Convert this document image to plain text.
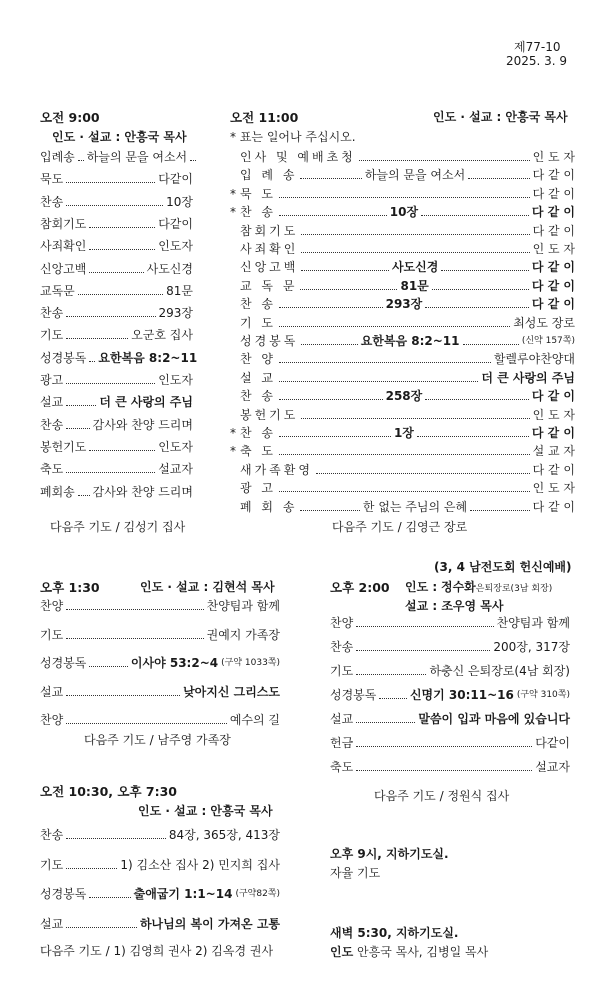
제77-10
2025. 3. 9
오전 9:00
인도 · 설교 : 안흥국 목사
입례송 하늘의 문을 여소서
묵도	다같이
찬송	10장
참회기도	다같이
사죄확인	인도자
신앙고백	사도신경
교독문	81문
찬송	293장
기도	오군호 집사
성경봉독 요한복음 8:2~11
광고	인도자
설교	더 큰 사랑의 주님
찬송 감사와 찬양 드리며
봉헌기도	인도자
축도	설교자
폐회송 감사와 찬양 드리며
다음주 기도 / 김성기 집사
오전 11:00	인도 · 설교 : 안흥국 목사
* 표는 일어나 주십시오.
인사 및 예배초청	인 도 자
입 례 송	하늘의 문을 여소서	다 같 이
* 묵 도	다 같 이
* 찬 송	10장	다 같 이
참회기도	다 같 이
사죄확인	인 도 자
신앙고백	사도신경	다 같 이
교 독 문	81문	다 같 이
찬 송	293장	다 같 이
기 도	최성도 장로
성경봉독	요한복음 8:2~11	(신약 157쪽)
찬 양	할렐루야찬양대
설 교	더 큰 사랑의 주님
찬 송	258장	다 같 이
봉헌기도	인 도 자
* 찬 송	1장	다 같 이
* 축 도	설 교 자
새가족환영	다 같 이
광 고	인 도 자
폐 회 송	한 없는 주님의 은혜	다 같 이
다음주 기도 / 김영근 장로
오후 1:30	인도 · 설교 : 김현석 목사
찬양	찬양팀과 함께
기도	권예지 가족장
성경봉독	이사야 53:2~4 (구약 1033쪽)
설교	낮아지신 그리스도
찬양	예수의 길
다음주 기도 / 남주영 가족장
(3, 4 남전도회 헌신예배)
오후 2:00 인도 : 정수화은퇴장로(3남 회장)
설교 : 조우영 목사
찬양	찬양팀과 함께
찬송	200장, 317장
기도	하충신 은퇴장로(4남 회장)
성경봉독	신명기 30:11~16 (구약 310쪽)
설교	말씀이 입과 마음에 있습니다
헌금	다같이
축도	설교자
다음주 기도 / 정원식 집사
오전 10:30, 오후 7:30
인도 · 설교 : 안흥국 목사
찬송	84장, 365장, 413장
기도	1) 김소산 집사 2) 민지희 집사
성경봉독	출애굽기 1:1~14 (구약82쪽)
설교	하나님의 복이 가져온 고통
다음주 기도 / 1) 김영희 권사 2) 김옥경 권사
오후 9시, 지하기도실.
자율 기도
새벽 5:30, 지하기도실.
인도 안흥국 목사, 김병일 목사
